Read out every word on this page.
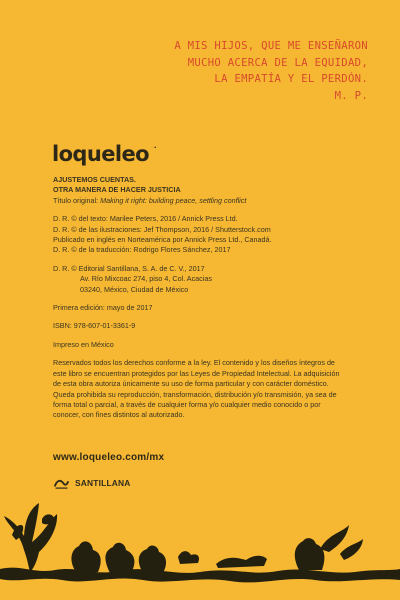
A MIS HIJOS, QUE ME ENSEÑARON
MUCHO ACERCA DE LA EQUIDAD,
LA EMPATÍA Y EL PERDÓN.
M. P.
loqueleo .
AJUSTEMOS CUENTAS.
OTRA MANERA DE HACER JUSTICIA
Título original: Making it right: building peace, settling conflict
D. R. © del texto: Marilee Peters, 2016 / Annick Press Ltd.
D. R. © de las ilustraciones: Jef Thompson, 2016 / Shutterstock.com
Publicado en inglés en Norteamérica por Annick Press Ltd., Canadá.
D. R. © de la traducción: Rodrigo Flores Sánchez, 2017
D. R. © Editorial Santillana, S. A. de C. V., 2017
Av. Río Mixcoac 274, piso 4, Col. Acacias
03240, México, Ciudad de México
Primera edición: mayo de 2017
ISBN: 978-607-01-3361-9
Impreso en México
Reservados todos los derechos conforme a la ley. El contenido y los diseños íntegros de
este libro se encuentran protegidos por las Leyes de Propiedad Intelectual. La adquisición
de esta obra autoriza únicamente su uso de forma particular y con carácter doméstico.
Queda prohibida su reproducción, transformación, distribución y/o transmisión, ya sea de
forma total o parcial, a través de cualquier forma y/o cualquier medio conocido o por
conocer, con fines distintos al autorizado.
www.loqueleo.com/mx
SANTILLANA
